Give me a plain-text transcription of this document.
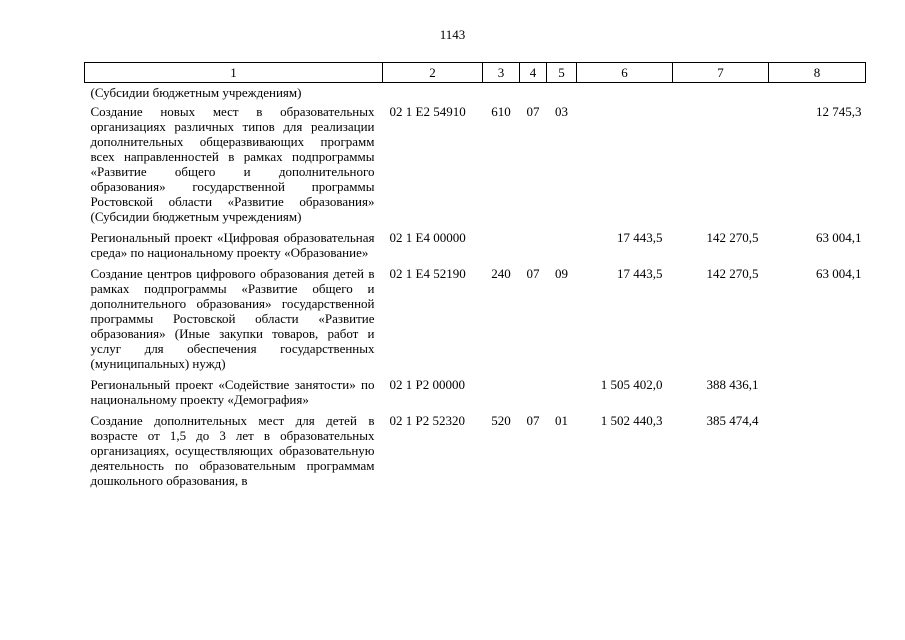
1143
1	2	3	4	5	6	7	8
(Субсидии бюджетным учреждениям)							
Создание новых мест в образовательных организациях различных типов для реализации дополнительных общеразвивающих программ всех направленностей в рамках подпрограммы «Развитие общего и дополнительного образования» государственной программы Ростовской области «Развитие образования» (Субсидии бюджетным учреждениям)	02 1 E2 54910	610	07	03			12 745,3
Региональный проект «Цифровая образовательная среда» по национальному проекту «Образование»	02 1 E4 00000				17 443,5	142 270,5	63 004,1
Создание центров цифрового образования детей в рамках подпрограммы «Развитие общего и дополнительного образования» государственной программы Ростовской области «Развитие образования» (Иные закупки товаров, работ и услуг для обеспечения государственных (муниципальных) нужд)	02 1 E4 52190	240	07	09	17 443,5	142 270,5	63 004,1
Региональный проект «Содействие занятости» по национальному проекту «Демография»	02 1 P2 00000				1 505 402,0	388 436,1	
Создание дополнительных мест для детей в возрасте от 1,5 до 3 лет в образовательных организациях, осуществляющих образовательную деятельность по образовательным программам дошкольного образования, в	02 1 P2 52320	520	07	01	1 502 440,3	385 474,4	
